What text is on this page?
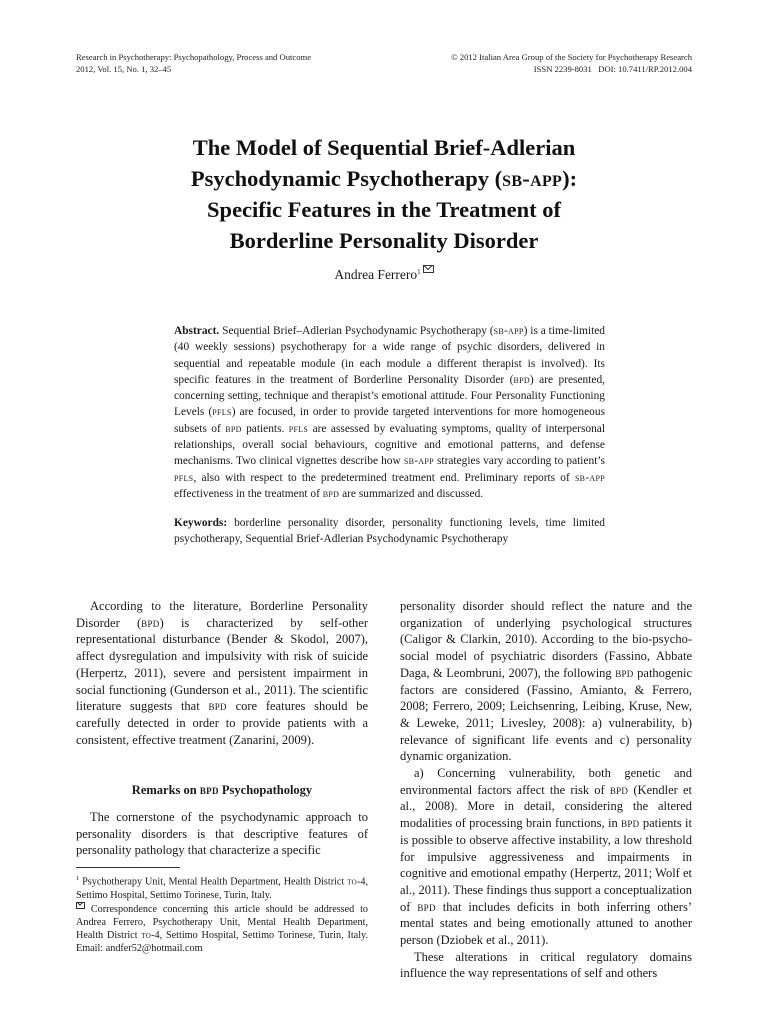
Research in Psychotherapy: Psychopathology, Process and Outcome
2012, Vol. 15, No. 1, 32–45
© 2012 Italian Area Group of the Society for Psychotherapy Research
ISSN 2239-8031 DOI: 10.7411/RP.2012.004
The Model of Sequential Brief-Adlerian
Psychodynamic Psychotherapy (sb-app):
Specific Features in the Treatment of
Borderline Personality Disorder
Andrea Ferrero$^1$
Abstract. Sequential Brief–Adlerian Psychodynamic Psychotherapy (sb-app) is a time-limited (40 weekly sessions) psychotherapy for a wide range of psychic disorders, delivered in sequential and repeatable module (in each module a different therapist is involved). Its specific features in the treatment of Borderline Personality Disorder (bpd) are presented, concerning setting, technique and therapist’s emotional attitude. Four Personality Functioning Levels (pfls) are focused, in order to provide targeted interventions for more homogeneous subsets of bpd patients. pfls are assessed by evaluating symptoms, quality of interpersonal relationships, overall social behaviours, cognitive and emotional patterns, and defense mechanisms. Two clinical vignettes describe how sb-app strategies vary according to patient’s pfls, also with respect to the predetermined treatment end. Preliminary reports of sb-app effectiveness in the treatment of bpd are summarized and discussed.
Keywords: borderline personality disorder, personality functioning levels, time limited psychotherapy, Sequential Brief-Adlerian Psychodynamic Psychotherapy

According to the literature, Borderline Personality Disorder (bpd) is characterized by self-other representational disturbance (Bender & Skodol, 2007), affect dysregulation and impulsivity with risk of suicide (Herpertz, 2011), severe and persistent impairment in social functioning (Gunderson et al., 2011). The scientific literature suggests that bpd core features should be carefully detected in order to provide patients with a consistent, effective treatment (Zanarini, 2009).

Remarks on bpd Psychopathology

The cornerstone of the psychodynamic approach to personality disorders is that descriptive features of personality pathology that characterize a specific

personality disorder should reflect the nature and the organization of underlying psychological structures (Caligor & Clarkin, 2010). According to the bio-psycho-social model of psychiatric disorders (Fassino, Abbate Daga, & Leombruni, 2007), the following bpd pathogenic factors are considered (Fassino, Amianto, & Ferrero, 2008; Ferrero, 2009; Leichsenring, Leibing, Kruse, New, & Leweke, 2011; Livesley, 2008): a) vulnerability, b) relevance of significant life events and c) personality dynamic organization.

a) Concerning vulnerability, both genetic and environmental factors affect the risk of bpd (Kendler et al., 2008). More in detail, considering the altered modalities of processing brain functions, in bpd patients it is possible to observe affective instability, a low threshold for impulsive aggressiveness and impairments in cognitive and emotional empathy (Herpertz, 2011; Wolf et al., 2011). These findings thus support a conceptualization of bpd that includes deficits in both inferring others’ mental states and being emotionally attuned to another person (Dziobek et al., 2011).

These alterations in critical regulatory domains influence the way representations of self and others

$^1$ Psychotherapy Unit, Mental Health Department, Health District to-4, Settimo Hospital, Settimo Torinese, Turin, Italy.

Correspondence concerning this article should be addressed to Andrea Ferrero, Psychotherapy Unit, Mental Health Department, Health District to-4, Settimo Hospital, Settimo Torinese, Turin, Italy. Email: andfer52@hotmail.com
